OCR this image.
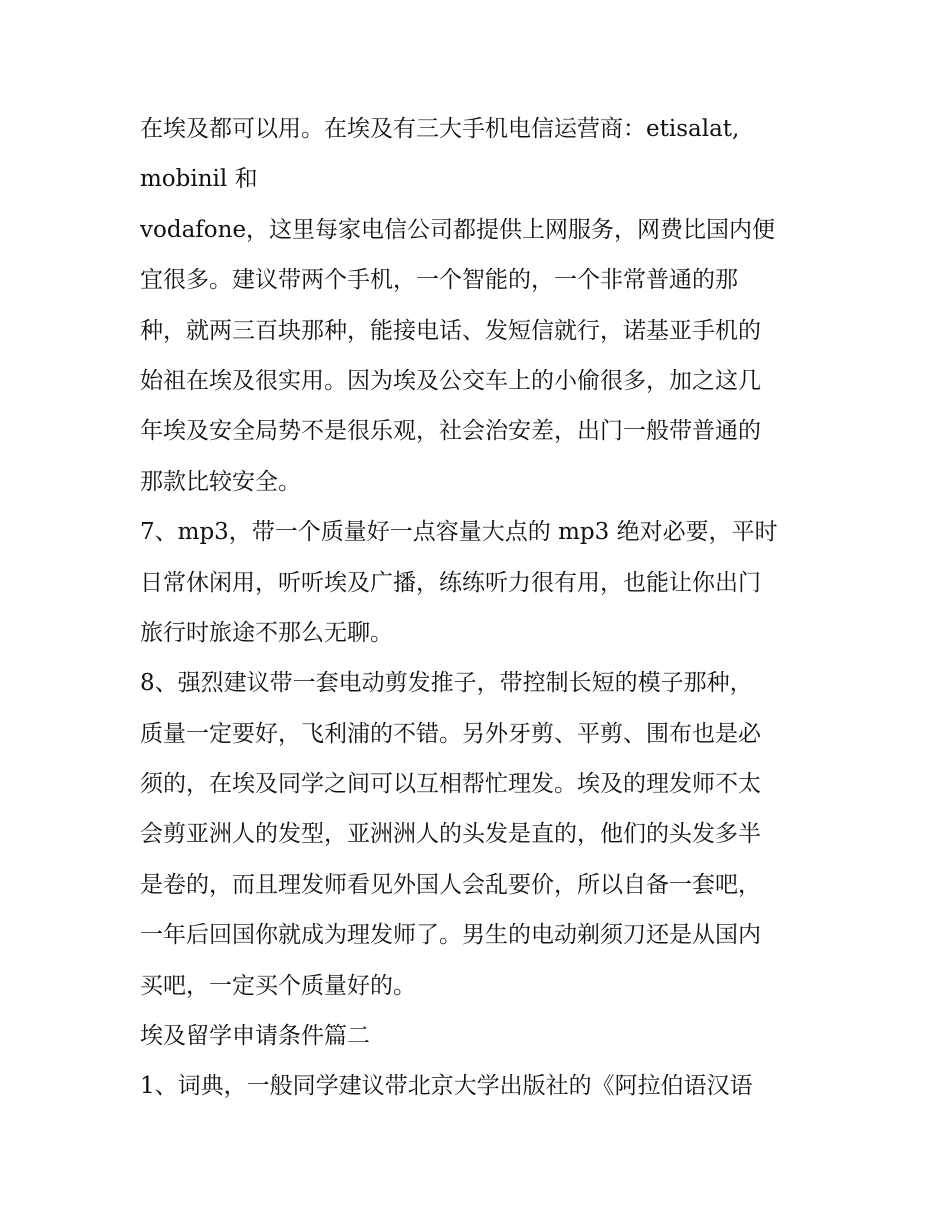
在埃及都可以用。在埃及有三大手机电信运营商：etisalat,
mobinil 和
vodafone，这里每家电信公司都提供上网服务，网费比国内便
宜很多。建议带两个手机，一个智能的，一个非常普通的那
种，就两三百块那种，能接电话、发短信就行，诺基亚手机的
始祖在埃及很实用。因为埃及公交车上的小偷很多，加之这几
年埃及安全局势不是很乐观，社会治安差，出门一般带普通的
那款比较安全。
7、mp3，带一个质量好一点容量大点的 mp3 绝对必要，平时
日常休闲用，听听埃及广播，练练听力很有用，也能让你出门
旅行时旅途不那么无聊。
8、强烈建议带一套电动剪发推子，带控制长短的模子那种，
质量一定要好，飞利浦的不错。另外牙剪、平剪、围布也是必
须的，在埃及同学之间可以互相帮忙理发。埃及的理发师不太
会剪亚洲人的发型，亚洲洲人的头发是直的，他们的头发多半
是卷的，而且理发师看见外国人会乱要价，所以自备一套吧，
一年后回国你就成为理发师了。男生的电动剃须刀还是从国内
买吧，一定买个质量好的。
埃及留学申请条件篇二
1、词典，一般同学建议带北京大学出版社的《阿拉伯语汉语
